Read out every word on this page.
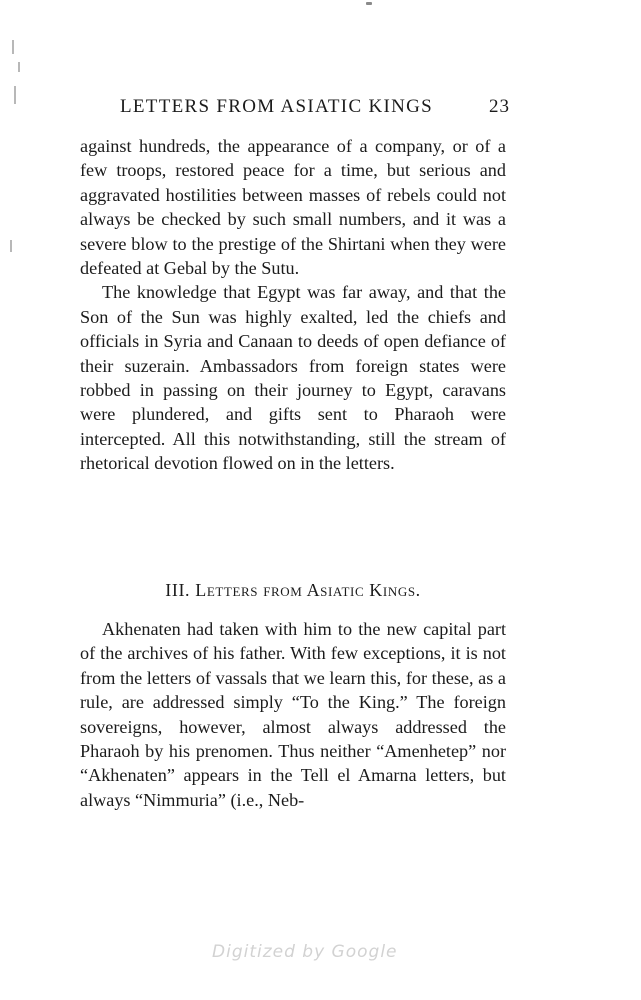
LETTERS FROM ASIATIC KINGS	23

against hundreds, the appearance of a company, or of a few troops, restored peace for a time, but serious and aggravated hostilities between masses of rebels could not always be checked by such small numbers, and it was a severe blow to the prestige of the Shirtani when they were defeated at Gebal by the Sutu.

The knowledge that Egypt was far away, and that the Son of the Sun was highly exalted, led the chiefs and officials in Syria and Canaan to deeds of open defiance of their suzerain. Ambassadors from foreign states were robbed in passing on their journey to Egypt, caravans were plundered, and gifts sent to Pharaoh were intercepted. All this notwithstanding, still the stream of rhetorical devotion flowed on in the letters.

III. Letters from Asiatic Kings.

Akhenaten had taken with him to the new capital part of the archives of his father. With few exceptions, it is not from the letters of vassals that we learn this, for these, as a rule, are addressed simply “To the King.” The foreign sovereigns, however, almost always addressed the Pharaoh by his prenomen. Thus neither “Amenhetep” nor “Akhenaten” appears in the Tell el Amarna letters, but always “Nimmuria” (i.e., Neb-

Digitized by Google
